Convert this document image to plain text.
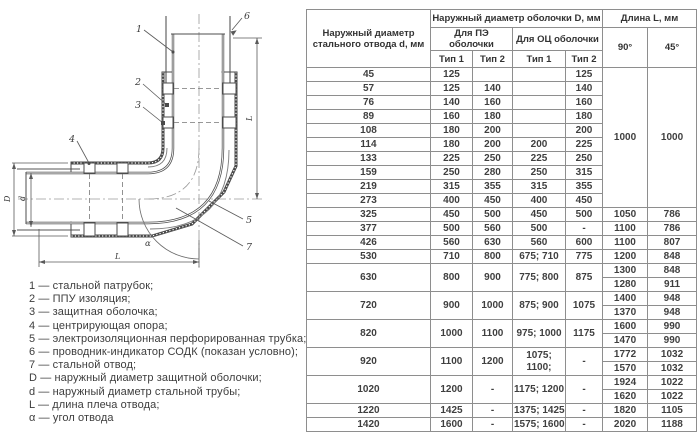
1
2
3
4
6
5
7
α
L
L
D d
1 — стальной патрубок;
2 — ППУ изоляция;
3 — защитная оболочка;
4 — центрирующая опора;
5 — электроизоляционная перфорированная трубка;
6 — проводник-индикатор СОДК (показан условно);
7 — стальной отвод;
D — наружный диаметр защитной оболочки;
d — наружный диаметр стальной трубы;
L — длина плеча отвода;
α — угол отвода
Наружный диаметр стального отвода d, мм	Наружный диаметр оболочки D, мм				Длина L, мм	
	Для ПЭ оболочки		Для ОЦ оболочки		90°	45°
	Тип 1	Тип 2	Тип 1	Тип 2		
45	125			125	1000	1000
57	125	140		140		
76	140	160		160		
89	160	180		180		
108	180	200		200		
114	180	200	200	225		
133	225	250	225	250		
159	250	280	250	315		
219	315	355	315	355		
273	400	450	400	450		
325	450	500	450	500	1050	786
377	500	560	500	-	1100	786
426	560	630	560	600	1100	807
530	710	800	675; 710	775	1200	848
630	800	900	775; 800	875	1300	848
					1280	911
720	900	1000	875; 900	1075	1400	948
					1370	948
820	1000	1100	975; 1000	1175	1600	990
					1470	990
920	1100	1200	1075; 1100;	-	1772	1032
					1570	1032
1020	1200	-	1175; 1200	-	1924	1022
					1620	1022
1220	1425	-	1375; 1425	-	1820	1105
1420	1600	-	1575; 1600	-	2020	1188
